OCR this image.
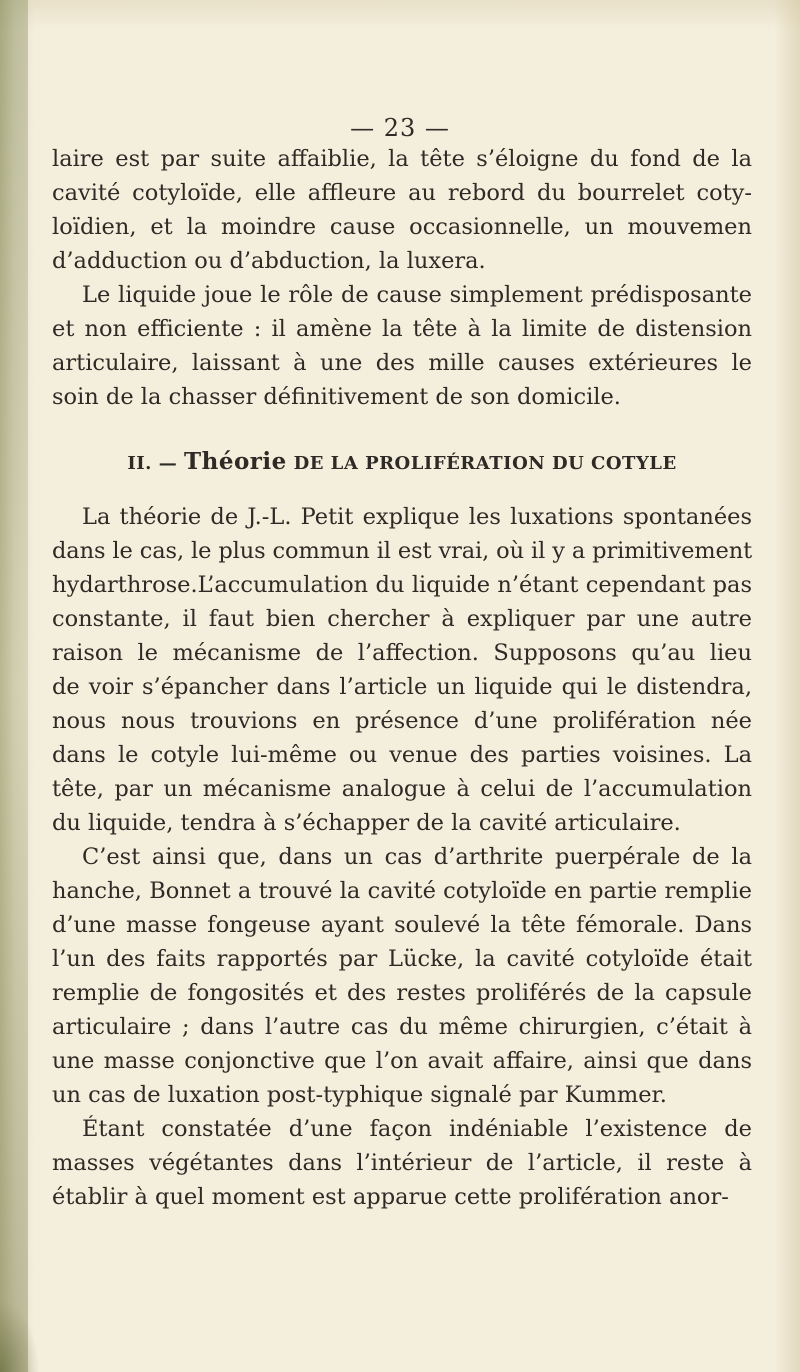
— 23 —

laire est par suite affaiblie, la tête s’éloigne du fond de la
cavité cotyloïde, elle affleure au rebord du bourrelet coty-
loïdien, et la moindre cause occasionnelle, un mouvemen
d’adduction ou d’abduction, la luxera.

Le liquide joue le rôle de cause simplement prédisposante
et non efficiente : il amène la tête à la limite de distension
articulaire, laissant à une des mille causes extérieures le
soin de la chasser définitivement de son domicile.

II. — Théorie DE LA PROLIFÉRATION DU COTYLE

La théorie de J.-L. Petit explique les luxations spontanées
dans le cas, le plus commun il est vrai, où il y a primitivement
hydarthrose.L’accumulation du liquide n’étant cependant pas
constante, il faut bien chercher à expliquer par une autre
raison le mécanisme de l’affection. Supposons qu’au lieu
de voir s’épancher dans l’article un liquide qui le distendra,
nous nous trouvions en présence d’une prolifération née
dans le cotyle lui-même ou venue des parties voisines. La
tête, par un mécanisme analogue à celui de l’accumulation
du liquide, tendra à s’échapper de la cavité articulaire.

C’est ainsi que, dans un cas d’arthrite puerpérale de la
hanche, Bonnet a trouvé la cavité cotyloïde en partie remplie
d’une masse fongeuse ayant soulevé la tête fémorale. Dans
l’un des faits rapportés par Lücke, la cavité cotyloïde était
remplie de fongosités et des restes proliférés de la capsule
articulaire ; dans l’autre cas du même chirurgien, c’était à
une masse conjonctive que l’on avait affaire, ainsi que dans
un cas de luxation post-typhique signalé par Kummer.

Étant constatée d’une façon indéniable l’existence de
masses végétantes dans l’intérieur de l’article, il reste à
établir à quel moment est apparue cette prolifération anor-
